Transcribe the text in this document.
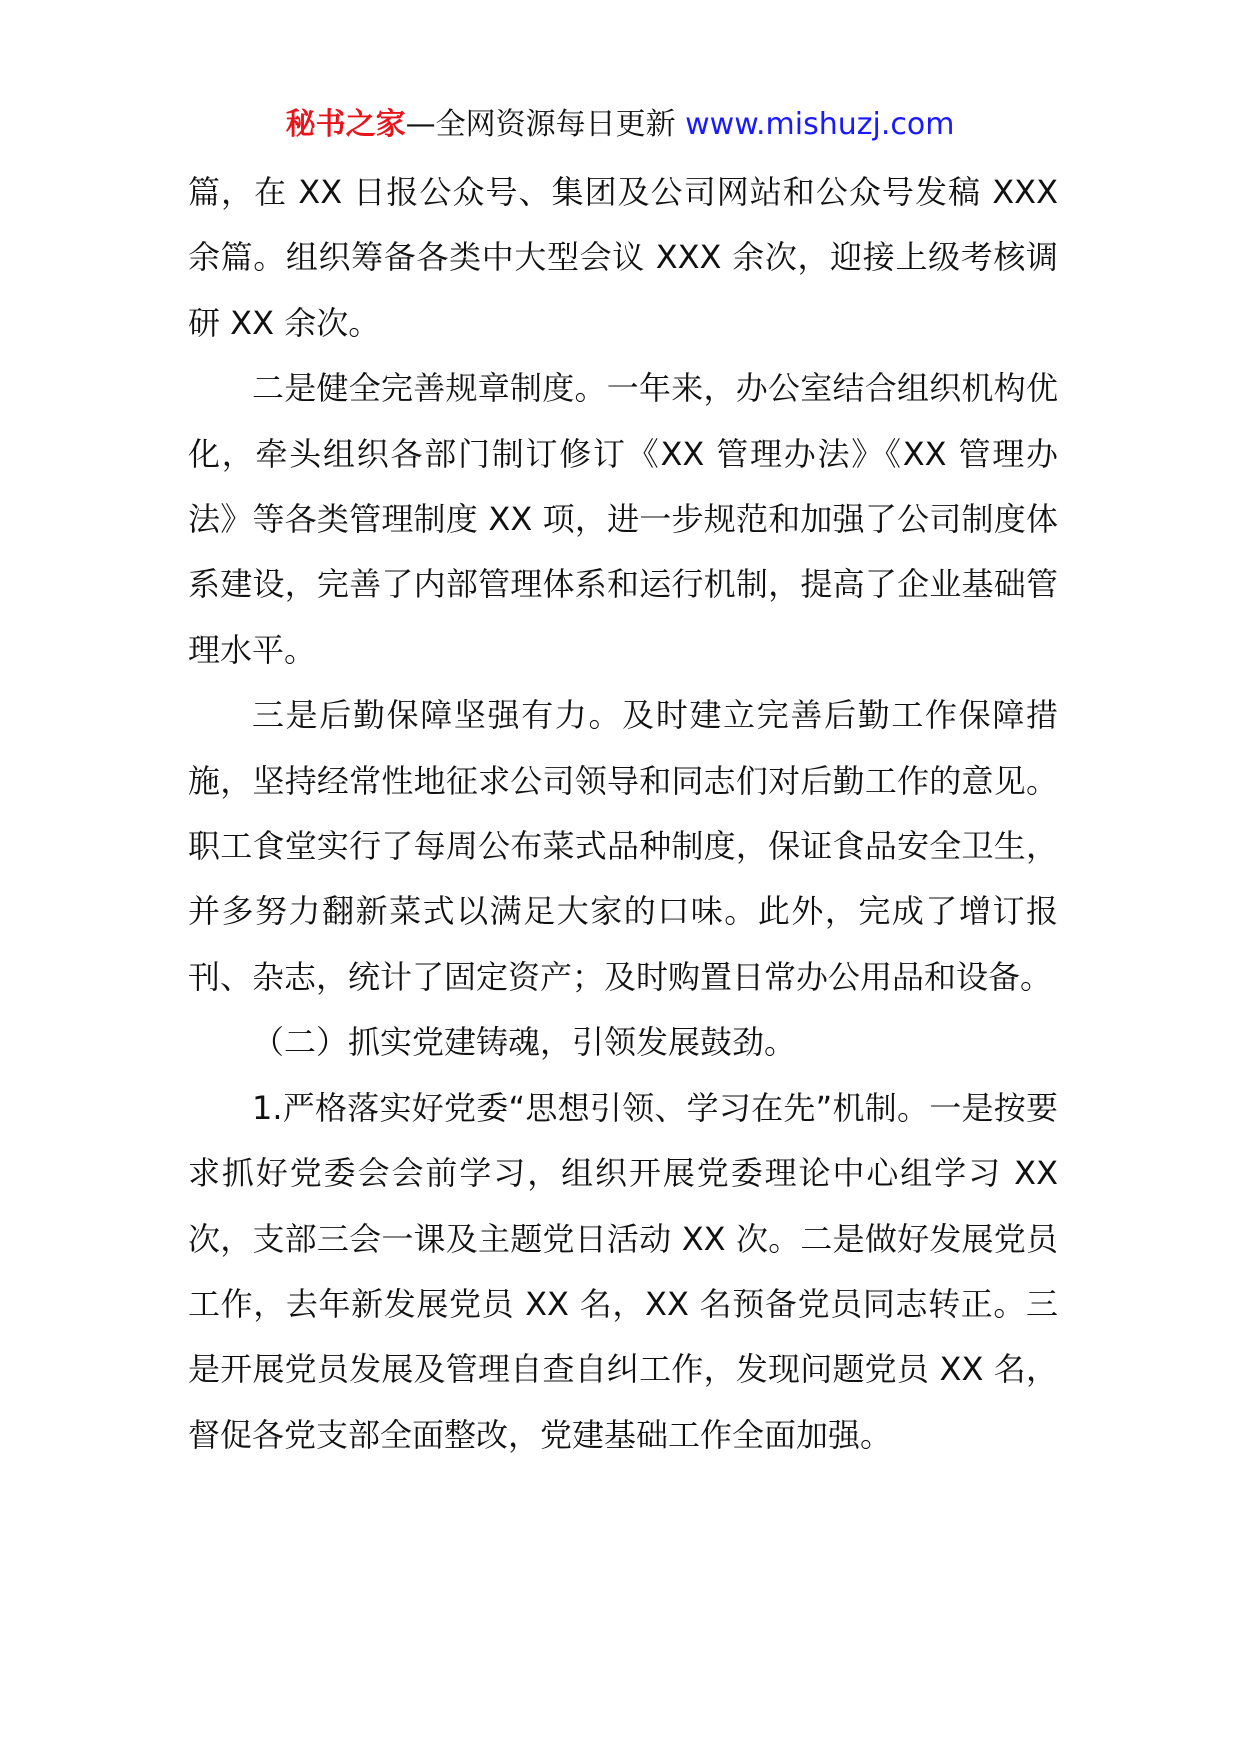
秘书之家—全网资源每日更新 www.mishuzj.com

篇，在 XX 日报公众号、集团及公司网站和公众号发稿 XXX 余篇。组织筹备各类中大型会议 XXX 余次，迎接上级考核调研 XX 余次。

二是健全完善规章制度。一年来，办公室结合组织机构优化，牵头组织各部门制订修订《XX 管理办法》《XX 管理办法》等各类管理制度 XX 项，进一步规范和加强了公司制度体系建设，完善了内部管理体系和运行机制，提高了企业基础管理水平。

三是后勤保障坚强有力。及时建立完善后勤工作保障措施，坚持经常性地征求公司领导和同志们对后勤工作的意见。职工食堂实行了每周公布菜式品种制度，保证食品安全卫生，并多努力翻新菜式以满足大家的口味。此外，完成了增订报刊、杂志，统计了固定资产；及时购置日常办公用品和设备。

（二）抓实党建铸魂，引领发展鼓劲。

1.严格落实好党委“思想引领、学习在先”机制。一是按要求抓好党委会会前学习，组织开展党委理论中心组学习 XX 次，支部三会一课及主题党日活动 XX 次。二是做好发展党员工作，去年新发展党员 XX 名，XX 名预备党员同志转正。三是开展党员发展及管理自查自纠工作，发现问题党员 XX 名，督促各党支部全面整改，党建基础工作全面加强。
